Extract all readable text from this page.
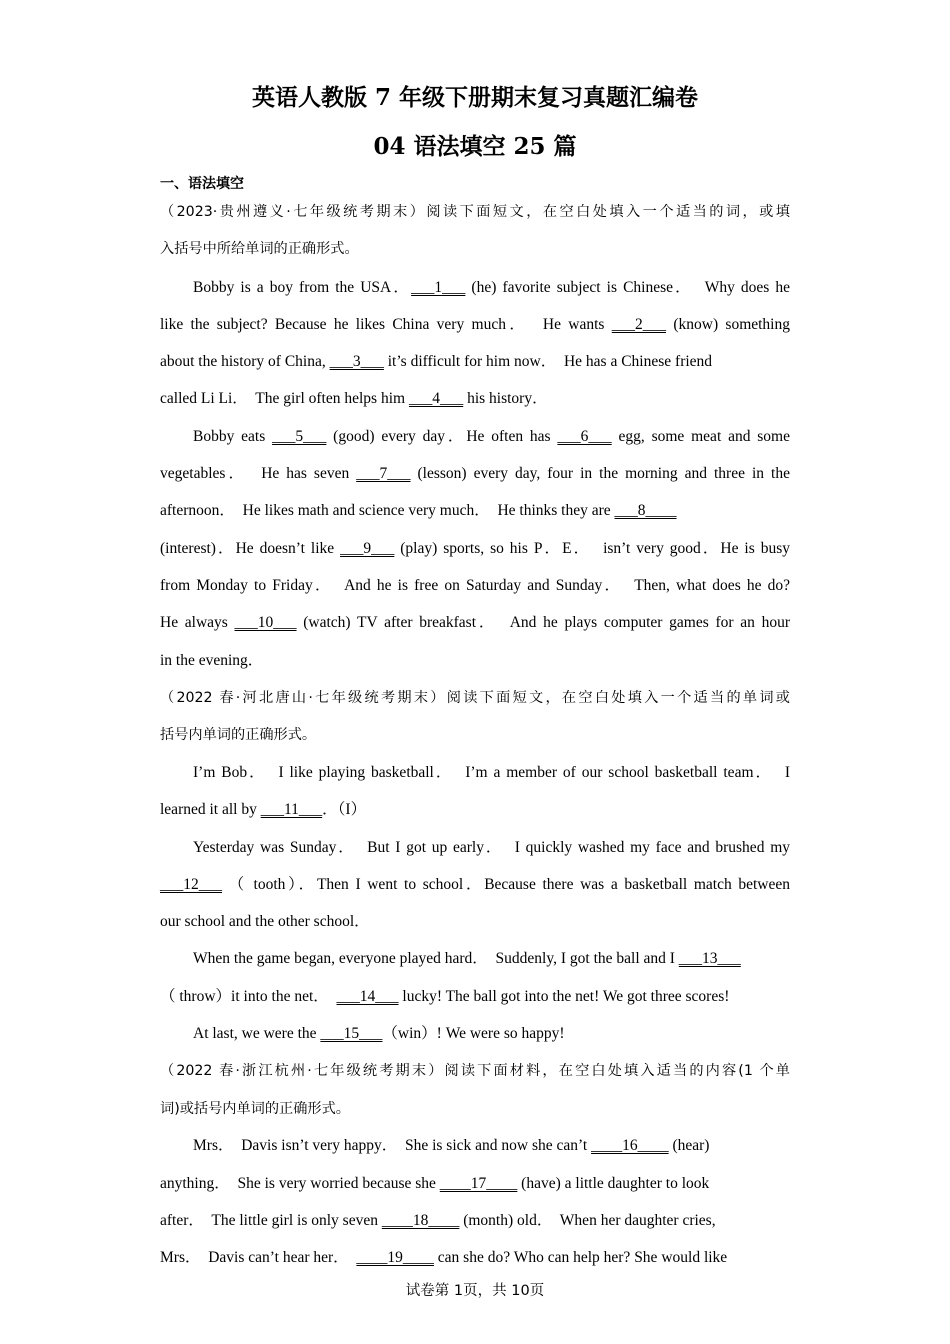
英语人教版 7 年级下册期末复习真题汇编卷
04 语法填空 25 篇
一、语法填空
（2023·贵州遵义·七年级统考期末）阅读下面短文，在空白处填入一个适当的词，或填
入括号中所给单词的正确形式。
Bobby is a boy from the USA．___1___ (he) favorite subject is Chinese．  Why does he
like the subject? Because he likes China very much．  He wants ___2___ (know) something
about the history of China, ___3___ it’s difficult for him now．  He has a Chinese friend
called Li Li．  The girl often helps him ___4___ his history．
Bobby eats ___5___ (good) every day．He often has ___6___ egg, some meat and some
vegetables．  He has seven ___7___ (lesson) every day, four in the morning and three in the
afternoon．  He likes math and science very much．  He thinks they are ___8____
(interest)．He doesn’t like ___9___ (play) sports, so his P．E．  isn’t very good．He is busy
from Monday to Friday．  And he is free on Saturday and Sunday．  Then, what does he do?
He always ___10___ (watch) TV after breakfast．  And he plays computer games for an hour
in the evening．
（2022 春·河北唐山·七年级统考期末）阅读下面短文，在空白处填入一个适当的单词或
括号内单词的正确形式。
I’m Bob．  I like playing basketball．  I’m a member of our school basketball team．  I
learned it all by ___11___．（I）
Yesterday was Sunday．  But I got up early．  I quickly washed my face and brushed my
___12___ （ tooth）．Then I went to school．Because there was a basketball match between
our school and the other school．
When the game began, everyone played hard．  Suddenly, I got the ball and I ___13___
（ throw）it into the net．  ___14___ lucky! The ball got into the net! We got three scores!
At last, we were the ___15___（win）! We were so happy!
（2022 春·浙江杭州·七年级统考期末）阅读下面材料，在空白处填入适当的内容(1 个单
词)或括号内单词的正确形式。
Mrs．  Davis isn’t very happy．  She is sick and now she can’t ____16____ (hear)
anything．  She is very worried because she ____17____ (have) a little daughter to look
after．  The little girl is only seven ____18____ (month) old．  When her daughter cries,
Mrs．  Davis can’t hear her．  ____19____ can she do? Who can help her? She would like
试卷第 1页，共 10页
